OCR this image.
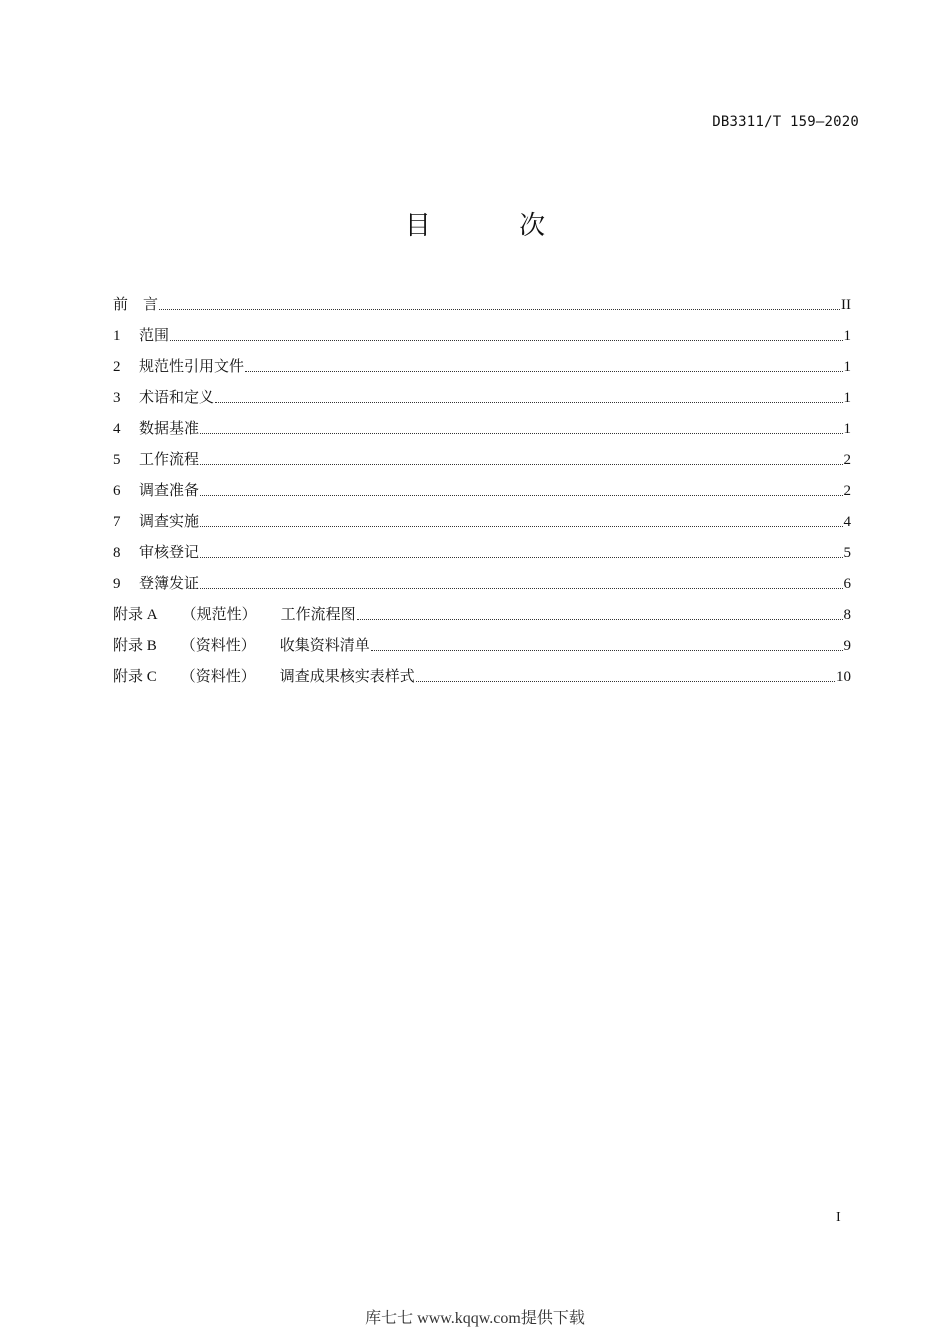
DB3311/T 159—2020
目 次
前    言	II
1	范围	1
2	规范性引用文件	1
3	术语和定义	1
4	数据基准	1
5	工作流程	2
6	调查准备	2
7	调查实施	4
8	审核登记	5
9	登簿发证	6
附录 A （规范性） 工作流程图	8
附录 B （资料性） 收集资料清单	9
附录 C （资料性） 调查成果核实表样式	10
I
库七七 www.kqqw.com提供下载
